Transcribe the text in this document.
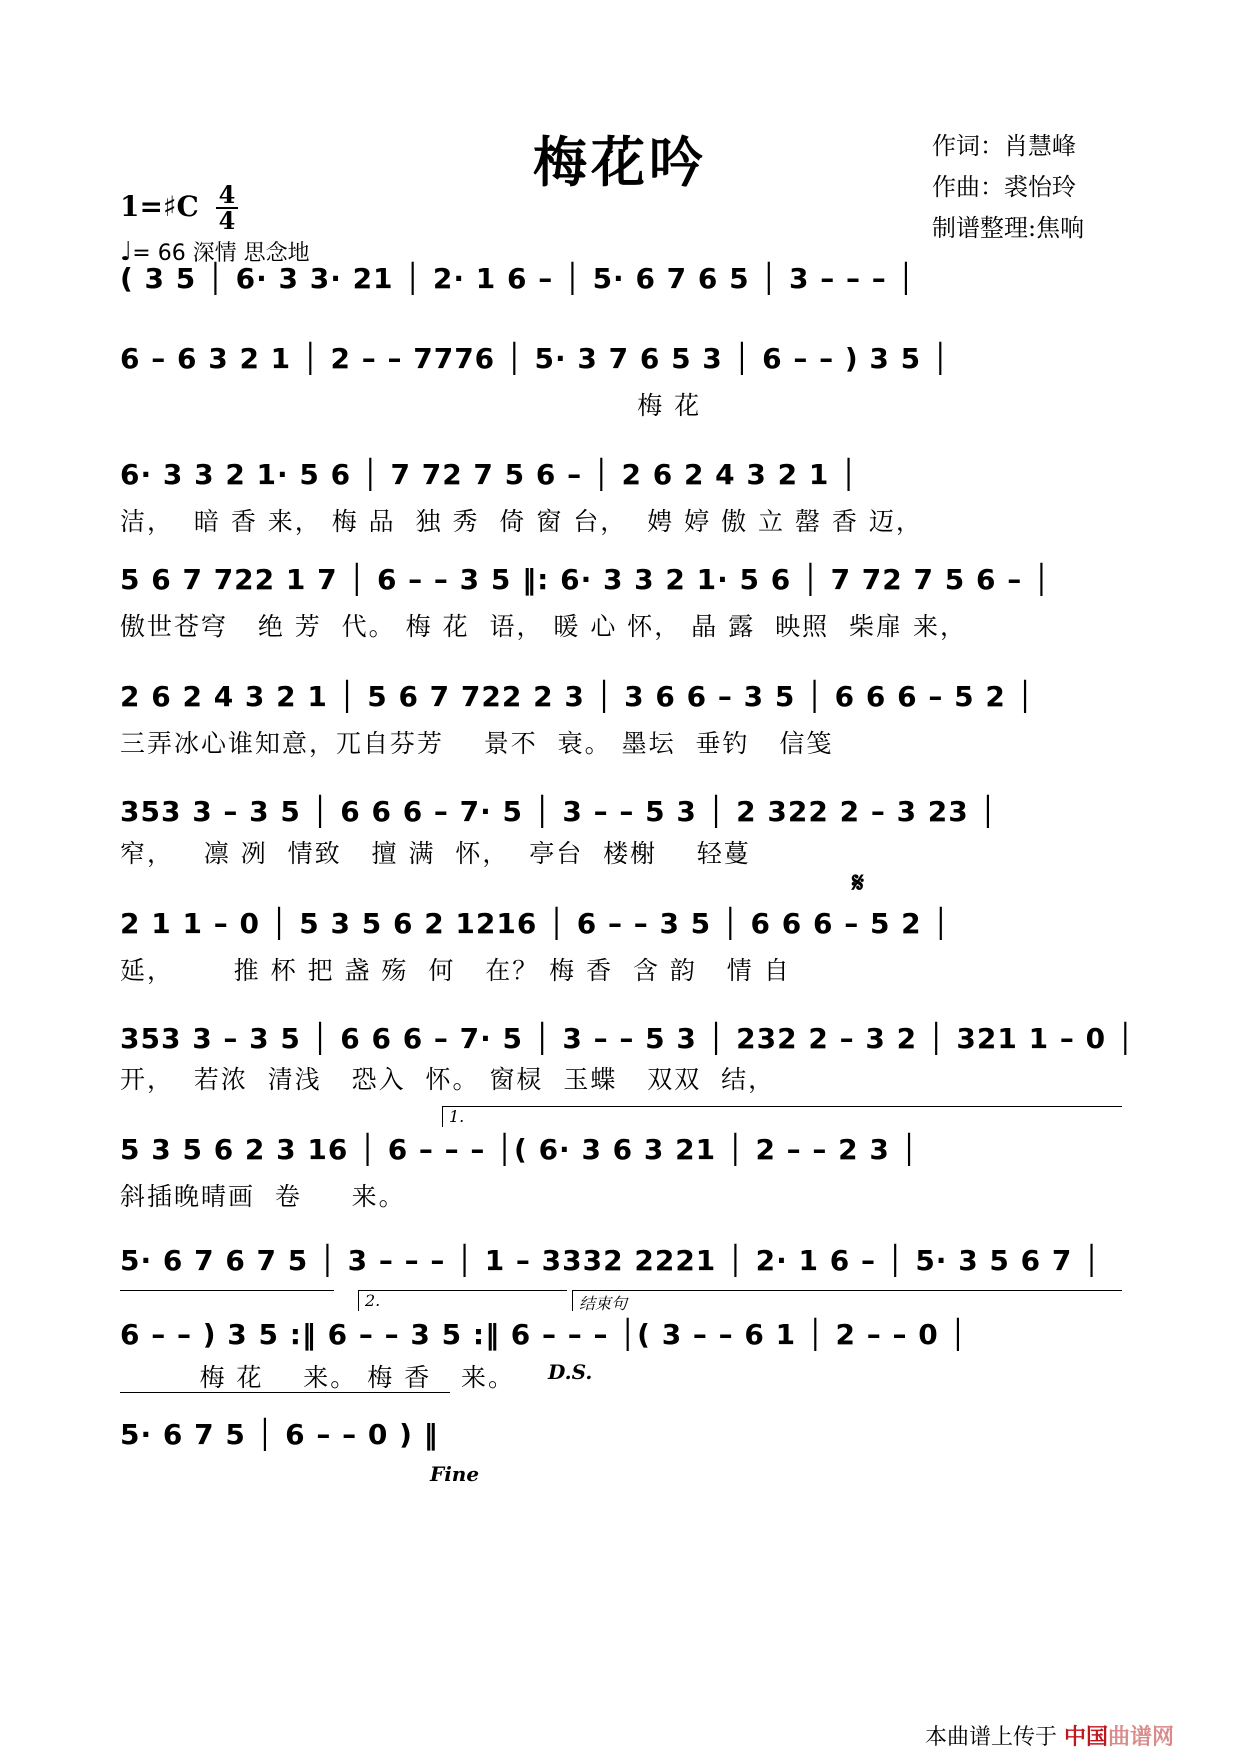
梅花吟	作词：肖慧峰
作曲：裘怡玲
制谱整理:焦响
1=♯C 4
4
♩= 66 深情 思念地
( 3 5 │ 6· 3 3· 21 │ 2· 1 6 – │ 5· 6 7 6 5 │ 3 – – – │
6 – 6 3 2 1 │ 2 – – 7776 │ 5· 3 7 6 5 3 │ 6 – – ) 3 5 │
梅 花
6· 3 3 2 1· 5 6 │ 7 72 7 5 6 – │ 2 6 2 4 3 2 1 │
洁，  暗 香 来， 梅 品  独 秀  倚 窗 台，  娉 婷 傲 立 罄 香 迈，
5 6 7 722 1 7 │ 6 – – 3 5 ‖: 6· 3 3 2 1· 5 6 │ 7 72 7 5 6 – │
傲世苍穹   绝 芳  代。 梅 花  语， 暖 心 怀， 晶 露  映照  柴扉 来，
2 6 2 4 3 2 1 │ 5 6 7 722 2 3 │ 3 6 6 – 3 5 │ 6 6 6 – 5 2 │
三弄冰心谁知意，兀自芬芳    景不  衰。 墨坛  垂钓   信笺
353 3 – 3 5 │ 6 6 6 – 7· 5 │ 3 – – 5 3 │ 2 322 2 – 3 23 │
窄，   凛 冽  情致   擅 满  怀，  亭台  楼榭    轻蔓
𝄋
2 1 1 – 0 │ 5 3 5 6 2 1216 │ 6 – – 3 5 │ 6 6 6 – 5 2 │
延，      推 杯 把 盏 殇  何   在？ 梅 香  含 韵   情 自
353 3 – 3 5 │ 6 6 6 – 7· 5 │ 3 – – 5 3 │ 232 2 – 3 2 │ 321 1 – 0 │
开，  若浓  清浅   恐入  怀。 窗棂  玉蝶   双双  结，
1.
5 3 5 6 2 3 16 │ 6 – – – │( 6· 3 6 3 21 │ 2 – – 2 3 │
斜插晚晴画  卷     来。
5· 6 7 6 7 5 │ 3 – – – │ 1 – 3332 2221 │ 2· 1 6 – │ 5· 3 5 6 7 │
2.	结束句
6 – – ) 3 5 :‖ 6 – – 3 5 :‖ 6 – – – │( 3 – – 6 1 │ 2 – – 0 │
梅 花    来。 梅 香   来。	D.S.
5· 6 7 5 │ 6 – – 0 ) ‖
Fine
本曲谱上传于 中国曲谱网
